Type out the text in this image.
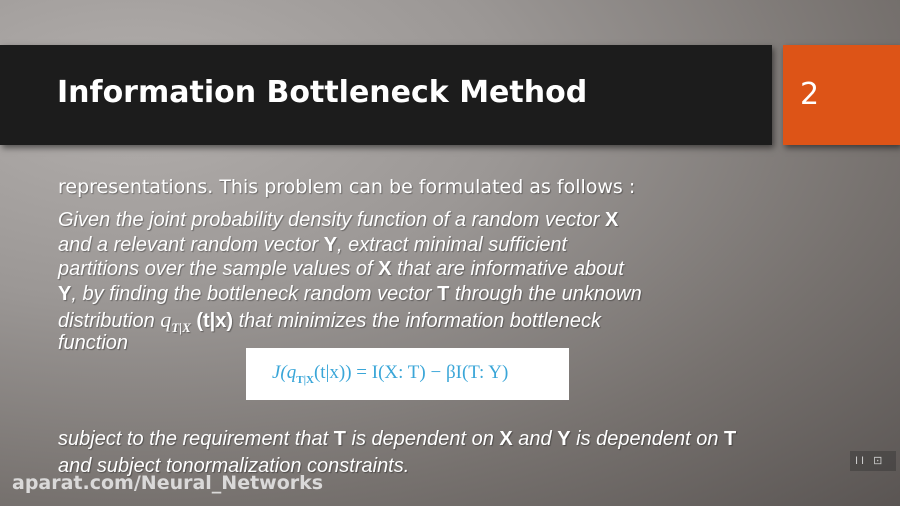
Information Bottleneck Method	2
representations. This problem can be formulated as follows :
Given the joint probability density function of a random vector X
and a relevant random vector Y, extract minimal sufficient
partitions over the sample values of X that are informative about
Y, by finding the bottleneck random vector T through the unknown
distribution $q_{T|X}$ (t|x) that minimizes the information bottleneck
function
$J(q_{T|X}(t|x)) = I(X$: T) − βI(T: Y)
subject to the requirement that T is dependent on X and Y is dependent on T
and subject tonormalization constraints.
aparat.com/Neural_Networks
II ⊡
